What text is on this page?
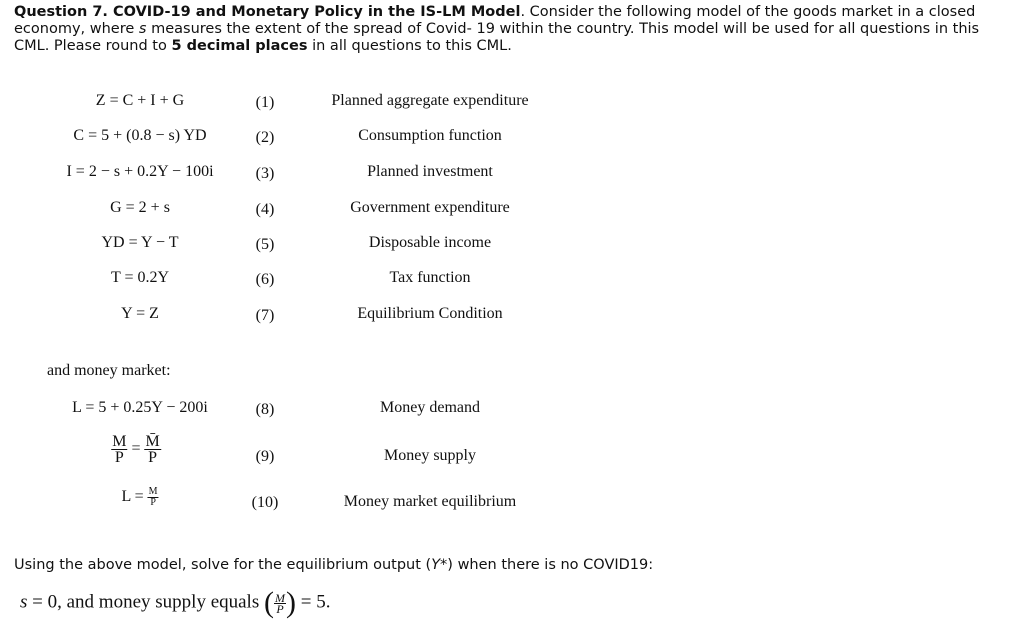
Question 7. COVID-19 and Monetary Policy in the IS-LM Model. Consider the following model of the goods market in a closed economy, where s measures the extent of the spread of Covid- 19 within the country. This model will be used for all questions in this CML. Please round to 5 decimal places in all questions to this CML.
Z = C + I + G	(1)	Planned aggregate expenditure
C = 5 + (0.8 − s) YD	(2)	Consumption function
I = 2 − s + 0.2Y − 100i	(3)	Planned investment
G = 2 + s	(4)	Government expenditure
YD = Y − T	(5)	Disposable income
T = 0.2Y	(6)	Tax function
Y = Z	(7)	Equilibrium Condition
and money market:
L = 5 + 0.25Y − 200i	(8)	Money demand
$\frac{M}{P} = \frac{M̄}{P}$	(9)	Money supply
$L = \frac{M}{P}$	(10)	Money market equilibrium
Using the above model, solve for the equilibrium output (Y*) when there is no COVID19:
s = 0, and money supply equals ( $\frac{M}{P}$ ) = 5.
